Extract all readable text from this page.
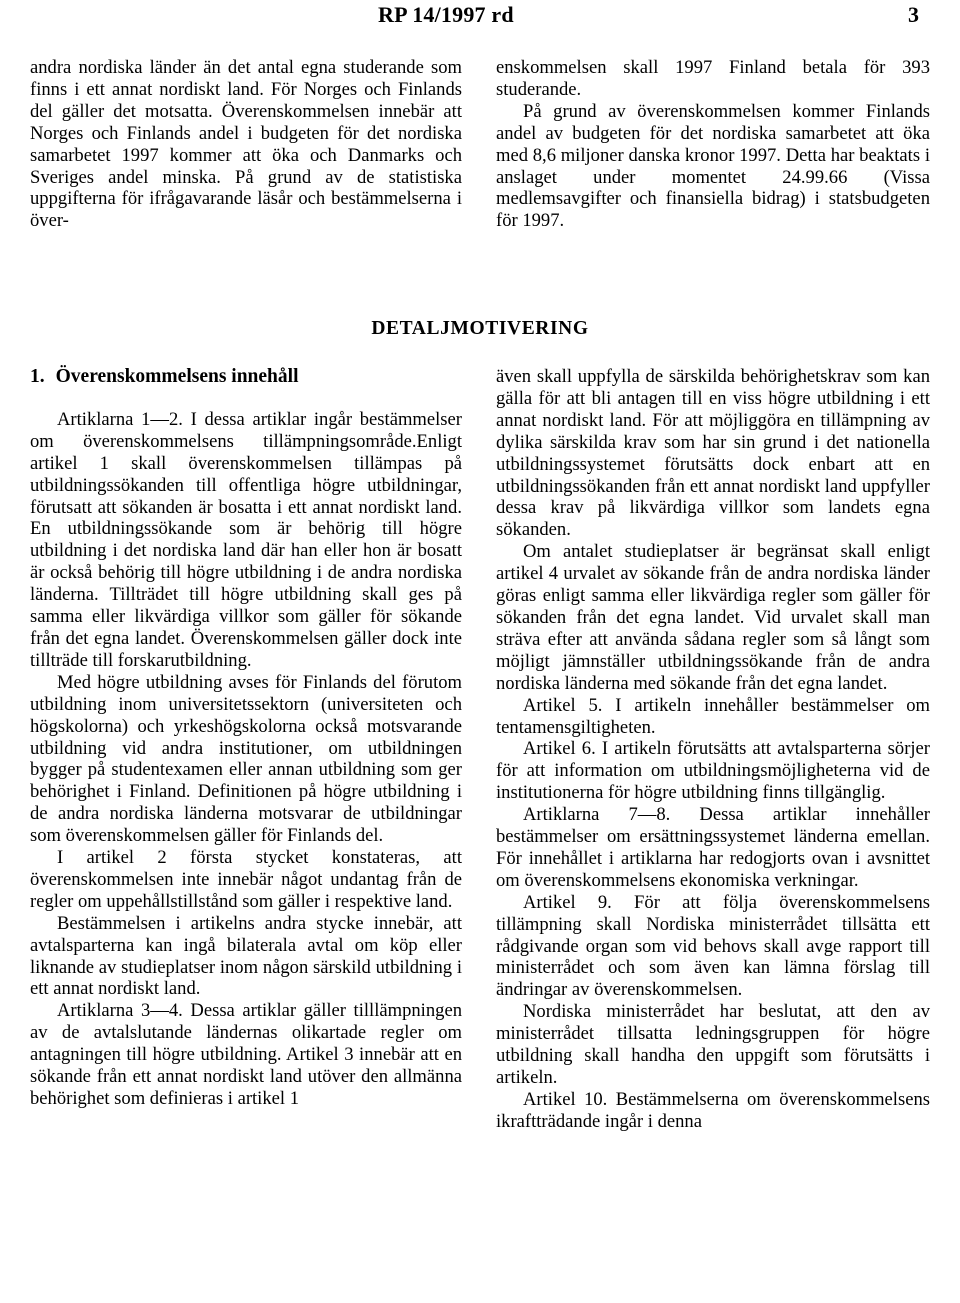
RP 14/1997 rd	3

andra nordiska länder än det antal egna studerande som finns i ett annat nordiskt land. För Norges och Finlands del gäller det motsatta. Överenskommelsen innebär att Norges och Finlands andel i budgeten för det nordiska samarbetet 1997 kommer att öka och Danmarks och Sveriges andel minska. På grund av de statistiska uppgifterna för ifrågavarande läsår och bestämmelserna i över-

enskommelsen skall 1997 Finland betala för 393 studerande.

På grund av överenskommelsen kommer Finlands andel av budgeten för det nordiska samarbetet att öka med 8,6 miljoner danska kronor 1997. Detta har beaktats i anslaget under momentet 24.99.66 (Vissa medlemsavgifter och finansiella bidrag) i statsbudgeten för 1997.

DETALJMOTIVERING

1. Överenskommelsens innehåll

Artiklarna 1—2. I dessa artiklar ingår bestämmelser om överenskommelsens tillämpningsområde.Enligt artikel 1 skall överenskommelsen tillämpas på utbildningssökanden till offentliga högre utbildningar, förutsatt att sökanden är bosatta i ett annat nordiskt land. En utbildningssökande som är behörig till högre utbildning i det nordiska land där han eller hon är bosatt är också behörig till högre utbildning i de andra nordiska länderna. Tillträdet till högre utbildning skall ges på samma eller likvärdiga villkor som gäller för sökande från det egna landet. Överenskommelsen gäller dock inte tillträde till forskarutbildning.

Med högre utbildning avses för Finlands del förutom utbildning inom universitetssektorn (universiteten och högskolorna) och yrkeshögskolorna också motsvarande utbildning vid andra institutioner, om utbildningen bygger på studentexamen eller annan utbildning som ger behörighet i Finland. Definitionen på högre utbildning i de andra nordiska länderna motsvarar de utbildningar som överenskommelsen gäller för Finlands del.

I artikel 2 första stycket konstateras, att överenskommelsen inte innebär något undantag från de regler om uppehållstillstånd som gäller i respektive land.

Bestämmelsen i artikelns andra stycke innebär, att avtalsparterna kan ingå bilaterala avtal om köp eller liknande av studieplatser inom någon särskild utbildning i ett annat nordiskt land.

Artiklarna 3—4. Dessa artiklar gäller tilllämpningen av de avtalslutande ländernas olikartade regler om antagningen till högre utbildning. Artikel 3 innebär att en sökande från ett annat nordiskt land utöver den allmänna behörighet som definieras i artikel 1

även skall uppfylla de särskilda behörighetskrav som kan gälla för att bli antagen till en viss högre utbildning i ett annat nordiskt land. För att möjliggöra en tillämpning av dylika särskilda krav som har sin grund i det nationella utbildningssystemet förutsätts dock enbart att en utbildningssökanden från ett annat nordiskt land uppfyller dessa krav på likvärdiga villkor som landets egna sökanden.

Om antalet studieplatser är begränsat skall enligt artikel 4 urvalet av sökande från de andra nordiska länder göras enligt samma eller likvärdiga regler som gäller för sökanden från det egna landet. Vid urvalet skall man sträva efter att använda sådana regler som så långt som möjligt jämnställer utbildningssökande från de andra nordiska länderna med sökande från det egna landet.

Artikel 5. I artikeln innehåller bestämmelser om tentamensgiltigheten.

Artikel 6. I artikeln förutsätts att avtalsparterna sörjer för att information om utbildningsmöjligheterna vid de institutionerna för högre utbildning finns tillgänglig.

Artiklarna 7—8. Dessa artiklar innehåller bestämmelser om ersättningssystemet länderna emellan. För innehållet i artiklarna har redogjorts ovan i avsnittet om överenskommelsens ekonomiska verkningar.

Artikel 9. För att följa överenskommelsens tillämpning skall Nordiska ministerrådet tillsätta ett rådgivande organ som vid behovs skall avge rapport till ministerrådet och som även kan lämna förslag till ändringar av överenskommelsen.

Nordiska ministerrådet har beslutat, att den av ministerrådet tillsatta ledningsgruppen för högre utbildning skall handha den uppgift som förutsätts i artikeln.

Artikel 10. Bestämmelserna om överenskommelsens ikraftträdande ingår i denna
